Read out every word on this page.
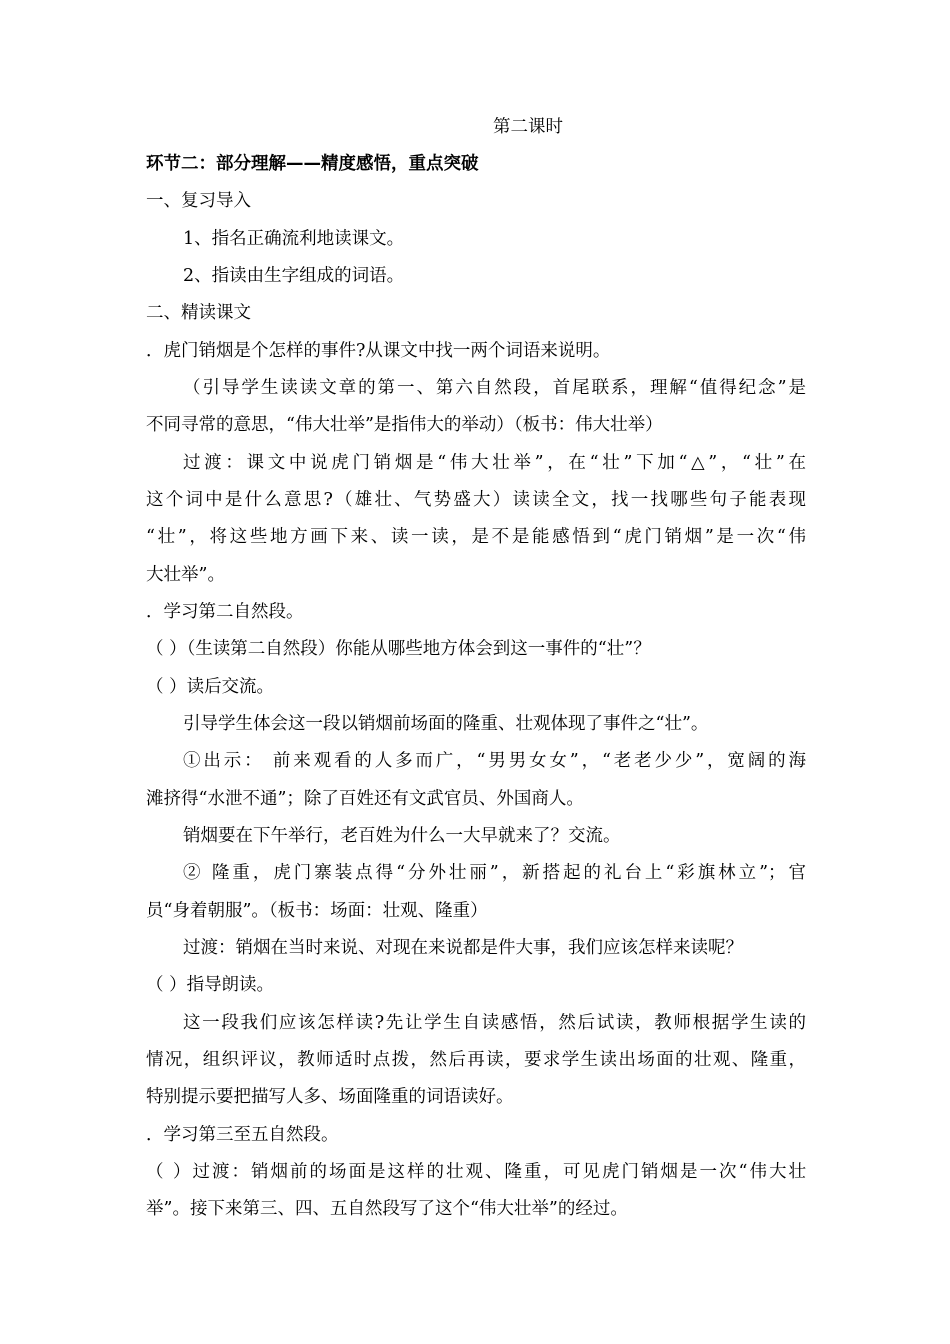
第二课时
环节二：部分理解——精度感悟，重点突破
一、复习导入
1、指名正确流利地读课文。
2、指读由生字组成的词语。
二、精读课文
．虎门销烟是个怎样的事件?从课文中找一两个词语来说明。
（引导学生读读文章的第一、第六自然段，首尾联系，理解“值得纪念”是
不同寻常的意思，“伟大壮举”是指伟大的举动）（板书：伟大壮举）
过渡：课文中说虎门销烟是“伟大壮举”，在“壮”下加“△”，“壮”在
这个词中是什么意思?（雄壮、气势盛大）读读全文，找一找哪些句子能表现
“壮”，将这些地方画下来、读一读，是不是能感悟到“虎门销烟”是一次“伟
大壮举”。
．学习第二自然段。
（ ）（生读第二自然段）你能从哪些地方体会到这一事件的“壮”？
（ ）读后交流。
引导学生体会这一段以销烟前场面的隆重、壮观体现了事件之“壮”。
①出示： 前来观看的人多而广，“男男女女”，“老老少少”，宽阔的海
滩挤得“水泄不通”；除了百姓还有文武官员、外国商人。
销烟要在下午举行，老百姓为什么一大早就来了？交流。
② 隆重，虎门寨装点得“分外壮丽”，新搭起的礼台上“彩旗林立”；官
员“身着朝服”。（板书：场面：壮观、隆重）
过渡：销烟在当时来说、对现在来说都是件大事，我们应该怎样来读呢？
（ ）指导朗读。
这一段我们应该怎样读?先让学生自读感悟，然后试读，教师根据学生读的
情况，组织评议，教师适时点拨，然后再读，要求学生读出场面的壮观、隆重，
特别提示要把描写人多、场面隆重的词语读好。
．学习第三至五自然段。
（ ）过渡：销烟前的场面是这样的壮观、隆重，可见虎门销烟是一次“伟大壮
举”。接下来第三、四、五自然段写了这个“伟大壮举”的经过。
